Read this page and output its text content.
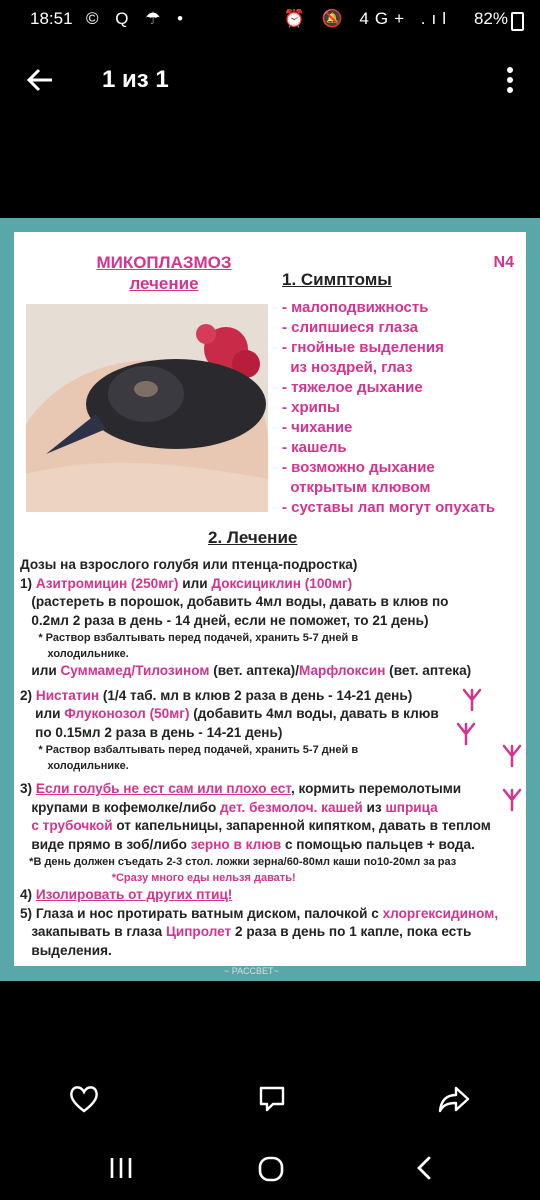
18:51 © Q ☂ •	⏰ 🔕 4G+ .ıl 82%
1 из 1
МИКОПЛАЗМОЗ
лечение
N4
1. Симптомы
- малоподвижность
- слипшиеся глаза
- гнойные выделения
из ноздрей, глаз
- тяжелое дыхание
- хрипы
- чихание
- кашель
- возможно дыхание
открытым клювом
- суставы лап могут опухать
2. Лечение

Дозы на взрослого голубя или птенца-подростка)

1) Азитромицин (250мг) или Доксициклин (100мг)

(растереть в порошок, добавить 4мл воды, давать в клюв по
0.2мл 2 раза в день - 14 дней, если не поможет, то 21 день)

* Раствор взбалтывать перед подачей, хранить 5-7 дней в
холодильнике.

или Суммамед/Тилозином (вет. аптека)/Марфлоксин (вет. аптека)

2) Нистатин (1/4 таб. мл в клюв 2 раза в день - 14-21 день)

или Флуконозол (50мг) (добавить 4мл воды, давать в клюв
по 0.15мл 2 раза в день - 14-21 день)

* Раствор взбалтывать перед подачей, хранить 5-7 дней в
холодильнике.

3) Если голубь не ест сам или плохо ест, кормить перемолотыми
крупами в кофемолке/либо дет. безмолоч. кашей из шприца
с трубочкой от капельницы, запаренной кипятком, давать в теплом
виде прямо в зоб/либо зерно в клюв с помощью пальцев + вода.

*В день должен съедать 2-3 стол. ложки зерна/60-80мл каши по10-20мл за раз

*Сразу много еды нельзя давать!

4) Изолировать от других птиц!

5) Глаза и нос протирать ватным диском, палочкой с хлоргексидином,
закапывать в глаза Ципролет 2 раза в день по 1 капле, пока есть
выделения.

~ РАССВЕТ~
